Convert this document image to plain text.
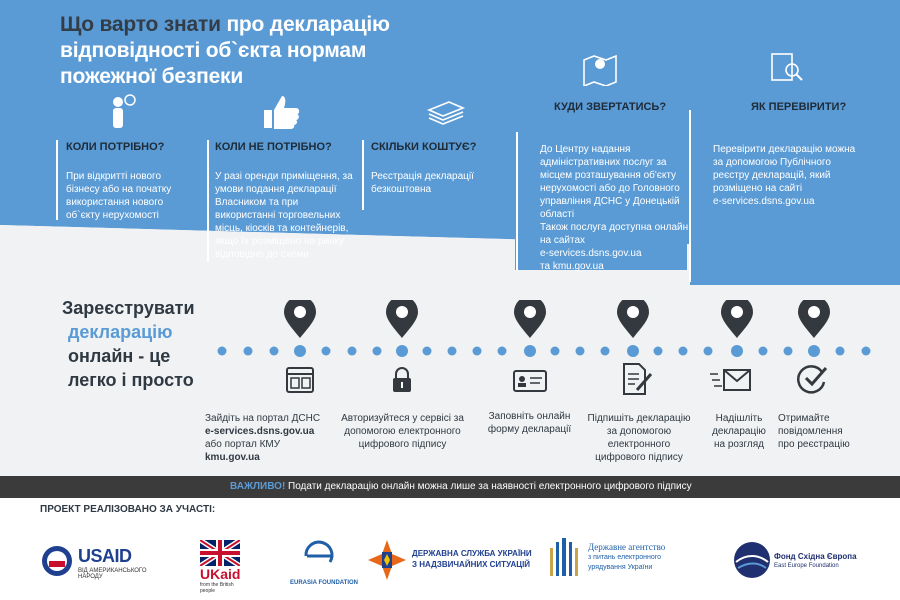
Що варто знати про декларацію
відповідності об`єкта нормам
пожежної безпеки
КОЛИ ПОТРІБНО?
При відкритті нового бізнесу або на початку використання нового об`єкту нерухомості
КОЛИ НЕ ПОТРІБНО?
У разі оренди приміщення, за умови подання декларації Власником та при використанні торговельних місць, кіосків та контейнерів, якщо їх розміщено на ринку відповідно до схеми
СКІЛЬКИ КОШТУЄ?
Реєстрація декларації безкоштовна
КУДИ ЗВЕРТАТИСЬ?
До Центру надання адміністративних послуг за місцем розташування об'єкту нерухомості або до Головного управління ДСНС у Донецькій області
Також послуга доступна онлайн на сайтах
e-services.dsns.gov.ua
та kmu.gov.ua
ЯК ПЕРЕВІРИТИ?
Перевірити декларацію можна за допомогою Публічного реєстру декларацій, який розміщено на сайті
e-services.dsns.gov.ua
Зареєструвати
декларацію
онлайн - це
легко і просто
Зайдіть на портал ДСНС
e-services.dsns.gov.ua
або портал КМУ
kmu.gov.ua
Авторизуйтеся у сервісі за допомогою електронного цифрового підпису
Заповніть онлайн форму декларації
Підпишіть декларацію за допомогою електронного цифрового підпису
Надішліть декларацію на розгляд
Отримайте повідомлення про реєстрацію
ВАЖЛИВО! Подати декларацію онлайн можна лише за наявності електронного цифрового підпису
ПРОЕКТ РЕАЛІЗОВАНО ЗА УЧАСТІ:
USAID
ВІД АМЕРИКАНСЬКОГО НАРОДУ	UKaid
from the British people
EURASIA FOUNDATION
ДЕРЖАВНА СЛУЖБА УКРАЇНИ З НАДЗВИЧАЙНИХ СИТУАЦІЙ
Державне агентство
з питань електронного
урядування України
Фонд Східна Європа
East Europe Foundation
